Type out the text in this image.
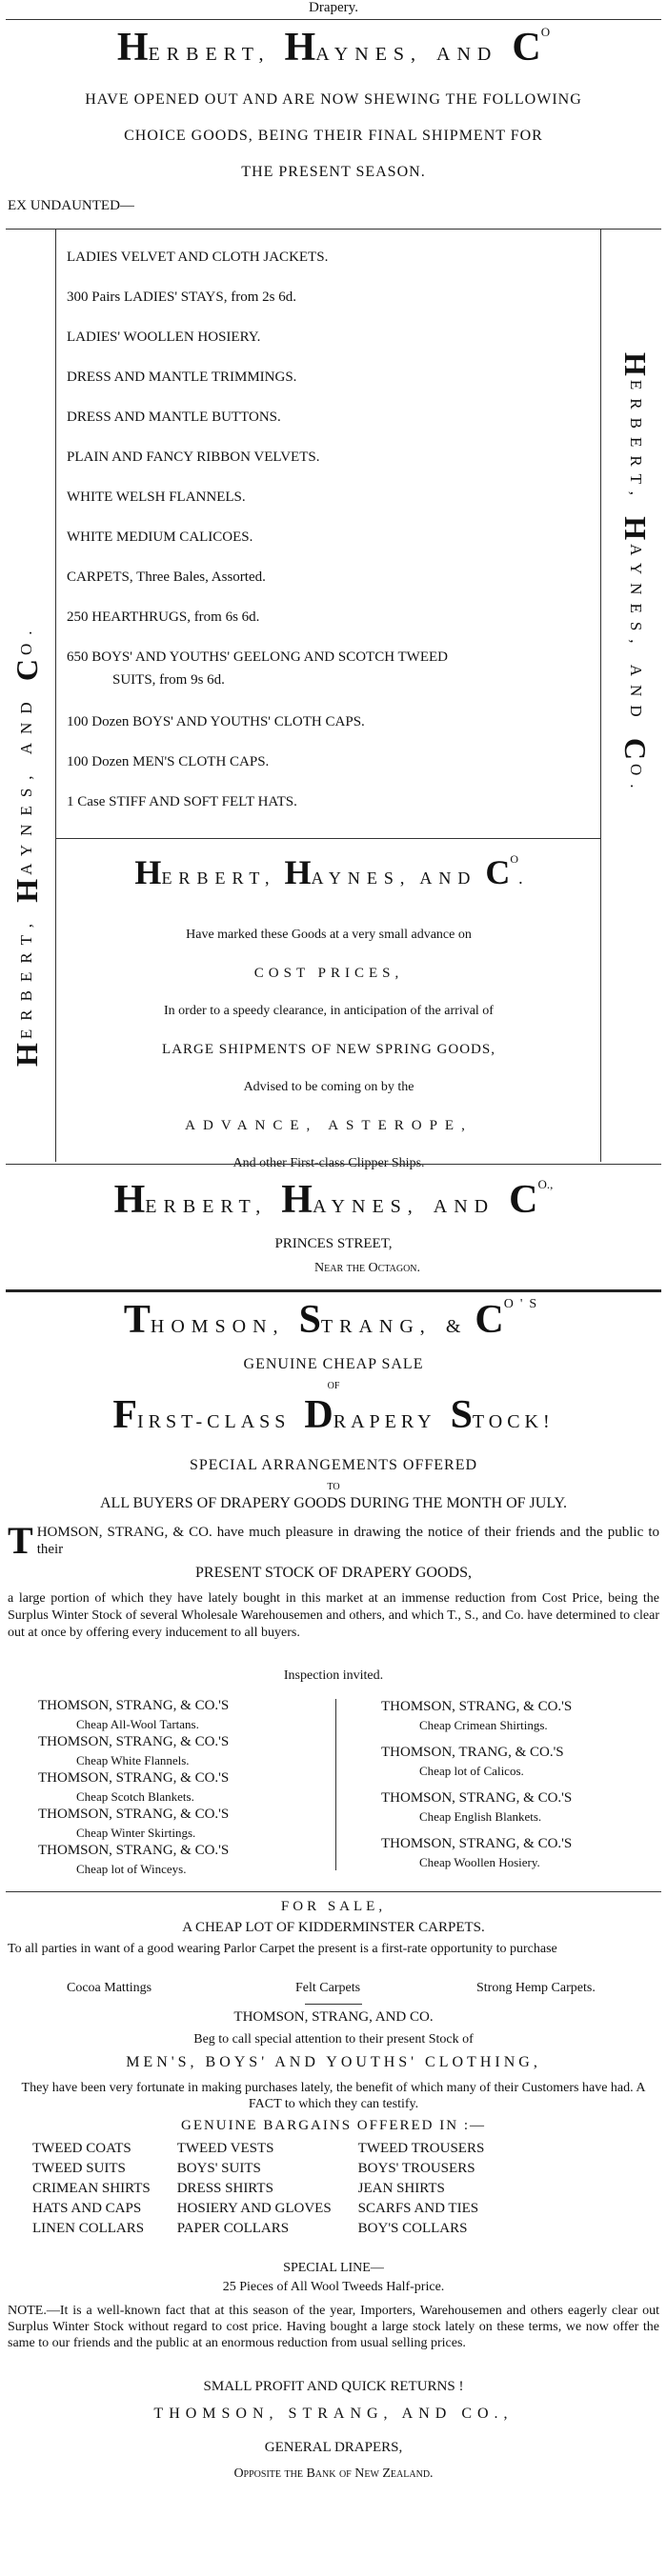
Drapery.
HERBERT, HAYNES, AND $C^O$
HAVE OPENED OUT AND ARE NOW SHEWING THE FOLLOWING
CHOICE GOODS, BEING THEIR FINAL SHIPMENT FOR
THE PRESENT SEASON.
EX UNDAUNTED—
HERBERT, HAYNES, AND CO.
HERBERT, HAYNES, AND CO.
LADIES VELVET AND CLOTH JACKETS.
300 Pairs LADIES' STAYS, from 2s 6d.
LADIES' WOOLLEN HOSIERY.
DRESS AND MANTLE TRIMMINGS.
DRESS AND MANTLE BUTTONS.
PLAIN AND FANCY RIBBON VELVETS.
WHITE WELSH FLANNELS.
WHITE MEDIUM CALICOES.
CARPETS, Three Bales, Assorted.
250 HEARTHRUGS, from 6s 6d.
650 BOYS' AND YOUTHS' GEELONG AND SCOTCH TWEED
SUITS, from 9s 6d.
100 Dozen BOYS' AND YOUTHS' CLOTH CAPS.
100 Dozen MEN'S CLOTH CAPS.
1 Case STIFF AND SOFT FELT HATS.
HERBERT, HAYNES, AND $C^O$.
Have marked these Goods at a very small advance on
COST PRICES,
In order to a speedy clearance, in anticipation of the arrival of
LARGE SHIPMENTS OF NEW SPRING GOODS,
Advised to be coming on by the
ADVANCE, ASTEROPE,
And other First-class Clipper Ships.
HERBERT, HAYNES, AND $C^{O.,}$
PRINCES STREET,
Near the Octagon.
THOMSON, STRANG, & $C^{O'S}$
GENUINE CHEAP SALE
OF
FIRST-CLASS DRAPERY STOCK!
SPECIAL ARRANGEMENTS OFFERED
TO
ALL BUYERS OF DRAPERY GOODS DURING THE MONTH OF JULY.
THOMSON, STRANG, & CO. have much pleasure in drawing the notice of their friends and the public to their
PRESENT STOCK OF DRAPERY GOODS,
a large portion of which they have lately bought in this market at an immense reduction from Cost Price, being the Surplus Winter Stock of several Wholesale Warehousemen and others, and which T., S., and Co. have determined to clear out at once by offering every inducement to all buyers.
Inspection invited.
THOMSON, STRANG, & CO.'S
Cheap All-Wool Tartans.
THOMSON, STRANG, & CO.'S
Cheap White Flannels.
THOMSON, STRANG, & CO.'S
Cheap Scotch Blankets.
THOMSON, STRANG, & CO.'S
Cheap Winter Skirtings.
THOMSON, STRANG, & CO.'S
Cheap lot of Winceys.
THOMSON, STRANG, & CO.'S
Cheap Crimean Shirtings.
THOMSON, TRANG, & CO.'S
Cheap lot of Calicos.
THOMSON, STRANG, & CO.'S
Cheap English Blankets.
THOMSON, STRANG, & CO.'S
Cheap Woollen Hosiery.
FOR SALE,
A CHEAP LOT OF KIDDERMINSTER CARPETS.
To all parties in want of a good wearing Parlor Carpet the present is a first-rate opportunity to purchase
Cocoa Mattings	Felt Carpets	Strong Hemp Carpets.
THOMSON, STRANG, AND CO.
Beg to call special attention to their present Stock of
MEN'S, BOYS' AND YOUTHS' CLOTHING,
They have been very fortunate in making purchases lately, the benefit of which many of their Customers have had. A FACT to which they can testify.
GENUINE BARGAINS OFFERED IN :—
TWEED COATS	TWEED VESTS	TWEED TROUSERS
TWEED SUITS	BOYS' SUITS	BOYS' TROUSERS
CRIMEAN SHIRTS	DRESS SHIRTS	JEAN SHIRTS
HATS AND CAPS	HOSIERY AND GLOVES	SCARFS AND TIES
LINEN COLLARS	PAPER COLLARS	BOY'S COLLARS
SPECIAL LINE—
25 Pieces of All Wool Tweeds Half-price.
NOTE.—It is a well-known fact that at this season of the year, Importers, Warehousemen and others eagerly clear out Surplus Winter Stock without regard to cost price. Having bought a large stock lately on these terms, we now offer the same to our friends and the public at an enormous reduction from usual selling prices.
SMALL PROFIT AND QUICK RETURNS !
THOMSON, STRANG, AND CO.,
GENERAL DRAPERS,
Opposite the Bank of New Zealand.
